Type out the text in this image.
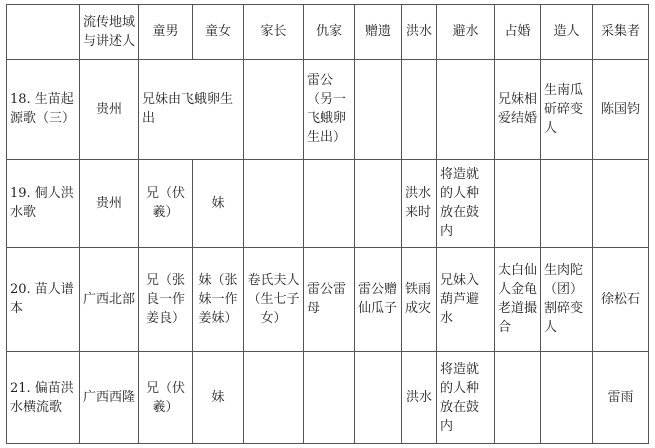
	流传地域与讲述人	童男	童女	家长	仇家	赠遗	洪水	避水	占婚	造人	采集者
18. 生苗起源歌（三）	贵州	兄妹由飞蛾卵生出			雷公（另一飞蛾卵生出）				兄妹相爱结婚	生南瓜斫碎变人	陈国钧
19. 侗人洪水歌	贵州	兄（伏羲）	妹				洪水来时	将造就的人种放在鼓内			
20. 苗人谱本	广西北部	兄（张良一作姜良）	妹（张妹一作姜妹）	卷氏夫人（生七子女）	雷公雷母	雷公赠仙瓜子	铁雨成灾	兄妹入葫芦避水	太白仙人金龟老道撮合	生肉陀（团）割碎变人	徐松石
21. 偏苗洪水横流歌	广西西隆	兄（伏羲）	妹				洪水	将造就的人种放在鼓内			雷雨
